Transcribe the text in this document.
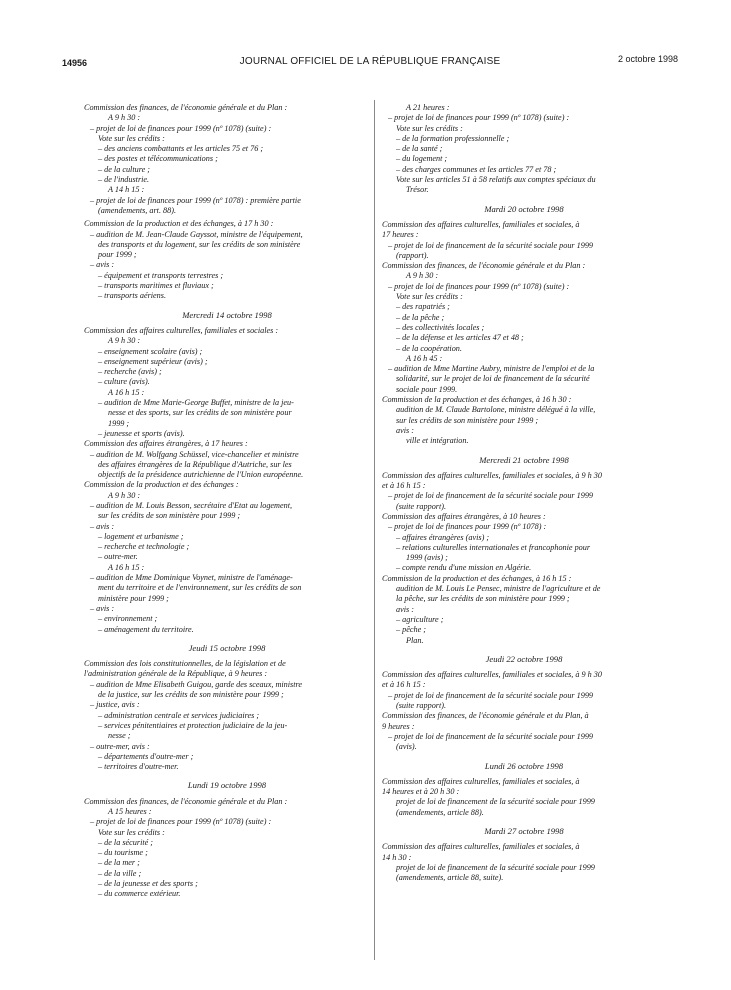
14956	JOURNAL OFFICIEL DE LA RÉPUBLIQUE FRANÇAISE	2 octobre 1998
Commission des finances, de l'économie générale et du Plan :
A 9 h 30 :
– projet de loi de finances pour 1999 (nº 1078) (suite) :
Vote sur les crédits :
– des anciens combattants et les articles 75 et 76 ;
– des postes et télécommunications ;
– de la culture ;
– de l'industrie.
A 14 h 15 :
– projet de loi de finances pour 1999 (nº 1078) : première partie
(amendements, art. 88).
Commission de la production et des échanges, à 17 h 30 :
– audition de M. Jean-Claude Gayssot, ministre de l'équipement,
des transports et du logement, sur les crédits de son ministère
pour 1999 ;
– avis :
– équipement et transports terrestres ;
– transports maritimes et fluviaux ;
– transports aériens.
Mercredi 14 octobre 1998
Commission des affaires culturelles, familiales et sociales :
A 9 h 30 :
– enseignement scolaire (avis) ;
– enseignement supérieur (avis) ;
– recherche (avis) ;
– culture (avis).
A 16 h 15 :
– audition de Mme Marie-George Buffet, ministre de la jeu-
nesse et des sports, sur les crédits de son ministère pour
1999 ;
– jeunesse et sports (avis).
Commission des affaires étrangères, à 17 heures :
– audition de M. Wolfgang Schüssel, vice-chancelier et ministre
des affaires étrangères de la République d'Autriche, sur les
objectifs de la présidence autrichienne de l'Union européenne.
Commission de la production et des échanges :
A 9 h 30 :
– audition de M. Louis Besson, secrétaire d'Etat au logement,
sur les crédits de son ministère pour 1999 ;
– avis :
– logement et urbanisme ;
– recherche et technologie ;
– outre-mer.
A 16 h 15 :
– audition de Mme Dominique Voynet, ministre de l'aménage-
ment du territoire et de l'environnement, sur les crédits de son
ministère pour 1999 ;
– avis :
– environnement ;
– aménagement du territoire.
Jeudi 15 octobre 1998
Commission des lois constitutionnelles, de la législation et de
l'administration générale de la République, à 9 heures :
– audition de Mme Elisabeth Guigou, garde des sceaux, ministre
de la justice, sur les crédits de son ministère pour 1999 ;
– justice, avis :
– administration centrale et services judiciaires ;
– services pénitentiaires et protection judiciaire de la jeu-
nesse ;
– outre-mer, avis :
– départements d'outre-mer ;
– territoires d'outre-mer.
Lundi 19 octobre 1998
Commission des finances, de l'économie générale et du Plan :
A 15 heures :
– projet de loi de finances pour 1999 (nº 1078) (suite) :
Vote sur les crédits :
– de la sécurité ;
– du tourisme ;
– de la mer ;
– de la ville ;
– de la jeunesse et des sports ;
– du commerce extérieur.
A 21 heures :
– projet de loi de finances pour 1999 (nº 1078) (suite) :
Vote sur les crédits :
– de la formation professionnelle ;
– de la santé ;
– du logement ;
– des charges communes et les articles 77 et 78 ;
Vote sur les articles 51 à 58 relatifs aux comptes spéciaux du
Trésor.
Mardi 20 octobre 1998
Commission des affaires culturelles, familiales et sociales, à
17 heures :
– projet de loi de financement de la sécurité sociale pour 1999
(rapport).
Commission des finances, de l'économie générale et du Plan :
A 9 h 30 :
– projet de loi de finances pour 1999 (nº 1078) (suite) :
Vote sur les crédits :
– des rapatriés ;
– de la pêche ;
– des collectivités locales ;
– de la défense et les articles 47 et 48 ;
– de la coopération.
A 16 h 45 :
– audition de Mme Martine Aubry, ministre de l'emploi et de la
solidarité, sur le projet de loi de financement de la sécurité
sociale pour 1999.
Commission de la production et des échanges, à 16 h 30 :
audition de M. Claude Bartolone, ministre délégué à la ville,
sur les crédits de son ministère pour 1999 ;
avis :
ville et intégration.
Mercredi 21 octobre 1998
Commission des affaires culturelles, familiales et sociales, à 9 h 30
et à 16 h 15 :
– projet de loi de financement de la sécurité sociale pour 1999
(suite rapport).
Commission des affaires étrangères, à 10 heures :
– projet de loi de finances pour 1999 (nº 1078) :
– affaires étrangères (avis) ;
– relations culturelles internationales et francophonie pour
1999 (avis) ;
– compte rendu d'une mission en Algérie.
Commission de la production et des échanges, à 16 h 15 :
audition de M. Louis Le Pensec, ministre de l'agriculture et de
la pêche, sur les crédits de son ministère pour 1999 ;
avis :
– agriculture ;
– pêche ;
Plan.
Jeudi 22 octobre 1998
Commission des affaires culturelles, familiales et sociales, à 9 h 30
et à 16 h 15 :
– projet de loi de financement de la sécurité sociale pour 1999
(suite rapport).
Commission des finances, de l'économie générale et du Plan, à
9 heures :
– projet de loi de financement de la sécurité sociale pour 1999
(avis).
Lundi 26 octobre 1998
Commission des affaires culturelles, familiales et sociales, à
14 heures et à 20 h 30 :
projet de loi de financement de la sécurité sociale pour 1999
(amendements, article 88).
Mardi 27 octobre 1998
Commission des affaires culturelles, familiales et sociales, à
14 h 30 :
projet de loi de financement de la sécurité sociale pour 1999
(amendements, article 88, suite).
